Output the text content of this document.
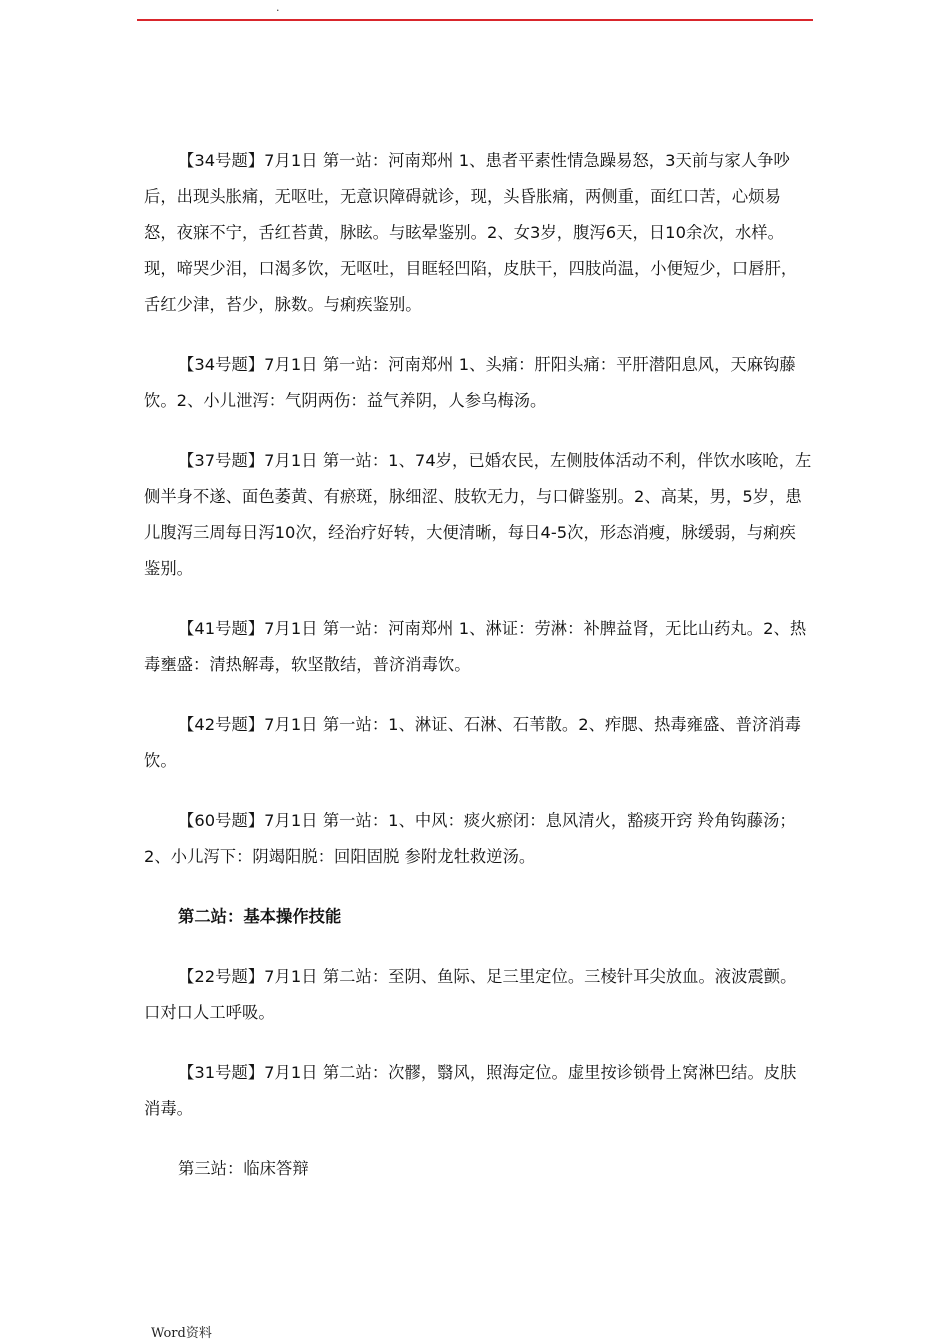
.

【34号题】7月1日 第一站：河南郑州 1、患者平素性情急躁易怒，3天前与家人争吵后，出现头胀痛，无呕吐，无意识障碍就诊，现，头昏胀痛，两侧重，面红口苦，心烦易怒，夜寐不宁，舌红苔黄，脉眩。与眩晕鉴别。2、女3岁，腹泻6天，日10余次，水样。现，啼哭少泪，口渴多饮，无呕吐，目眶轻凹陷，皮肤干，四肢尚温，小便短少，口唇肝，舌红少津，苔少，脉数。与痢疾鉴别。

【34号题】7月1日 第一站：河南郑州 1、头痛：肝阳头痛：平肝潜阳息风，天麻钩藤饮。2、小儿泄泻：气阴两伤：益气养阴，人参乌梅汤。

【37号题】7月1日 第一站：1、74岁，已婚农民，左侧肢体活动不利，伴饮水咳呛，左侧半身不遂、面色萎黄、有瘀斑，脉细涩、肢软无力，与口僻鉴别。2、高某，男，5岁，患儿腹泻三周每日泻10次，经治疗好转，大便清晰，每日4-5次，形态消瘦，脉缓弱，与痢疾鉴别。

【41号题】7月1日 第一站：河南郑州 1、淋证：劳淋：补脾益肾，无比山药丸。2、热毒壅盛：清热解毒，软坚散结，普济消毒饮。

【42号题】7月1日 第一站：1、淋证、石淋、石苇散。2、痄腮、热毒雍盛、普济消毒饮。

【60号题】7月1日 第一站：1、中风：痰火瘀闭：息风清火，豁痰开窍 羚角钩藤汤；2、小儿泻下：阴竭阳脱：回阳固脱 参附龙牡救逆汤。

第二站：基本操作技能

【22号题】7月1日 第二站：至阴、鱼际、足三里定位。三棱针耳尖放血。液波震颤。口对口人工呼吸。

【31号题】7月1日 第二站：次髎，翳风，照海定位。虚里按诊锁骨上窝淋巴结。皮肤消毒。

第三站：临床答辩

Word资料
